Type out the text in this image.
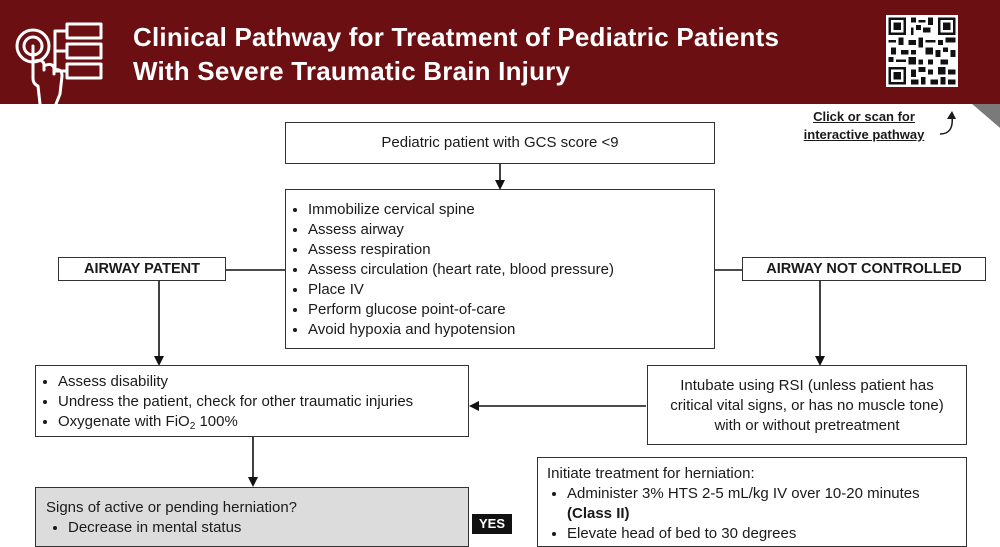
Clinical Pathway for Treatment of Pediatric Patients
With Severe Traumatic Brain Injury
Click or scan for
interactive pathway
Pediatric patient with GCS score <9
• Immobilize cervical spine
• Assess airway
• Assess respiration
• Assess circulation (heart rate, blood pressure)
• Place IV
• Perform glucose point-of-care
• Avoid hypoxia and hypotension
AIRWAY PATENT	AIRWAY NOT CONTROLLED
• Assess disability
• Undress the patient, check for other traumatic injuries
• Oxygenate with FiO$_2$ 100%
Intubate using RSI (unless patient has
critical vital signs, or has no muscle tone)
with or without pretreatment
Signs of active or pending herniation?
• Decrease in mental status	YES
Initiate treatment for herniation:
• Administer 3% HTS 2-5 mL/kg IV over 10-20 minutes
(Class II)
• Elevate head of bed to 30 degrees
